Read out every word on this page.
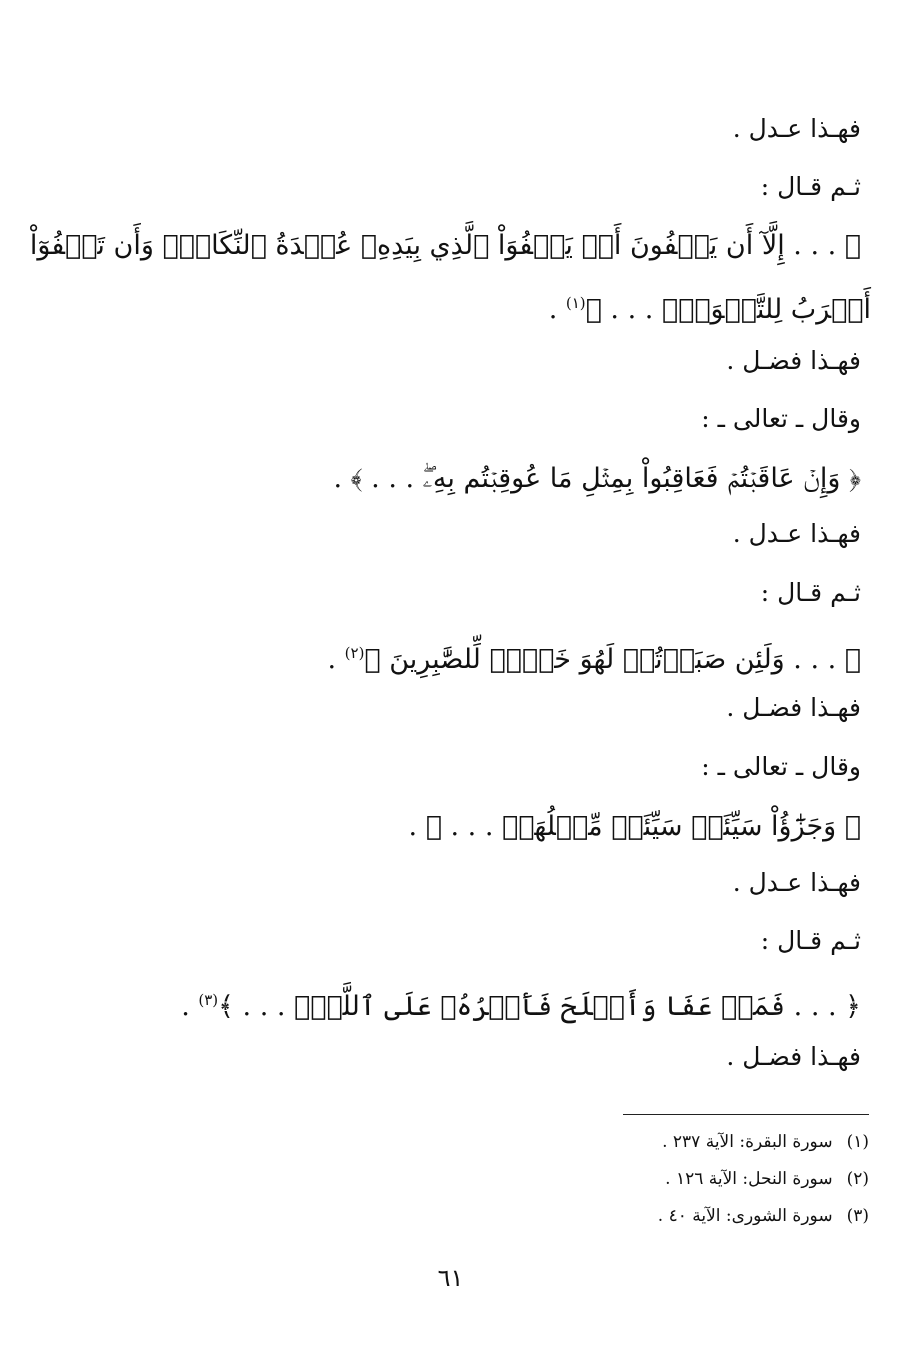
فهـذا عـدل .
ثـم قـال :
﴿ . . . إِلَّآ أَن يَعۡفُونَ أَوۡ يَعۡفُوَاْ ٱلَّذِي بِيَدِهِۦ عُقۡدَةُ ٱلنِّكَاحِۚ وَأَن تَعۡفُوٓاْ
أَقۡرَبُ لِلتَّقۡوَىٰۚ . . . ﴾$^{(١)}$ .
فهـذا فضـل .
وقال ـ تعالى ـ :
﴿ وَإِنۡ عَاقَبۡتُمۡ فَعَاقِبُواْ بِمِثۡلِ مَا عُوقِبۡتُم بِهِۦۖ . . . ﴾ .
فهـذا عـدل .
ثـم قـال :
﴿ . . . وَلَئِن صَبَرۡتُمۡ لَهُوَ خَيۡرٞ لِّلصَّٰبِرِينَ ﴾$^{(٢)}$ .
فهـذا فضـل .
وقال ـ تعالى ـ :
﴿ وَجَزَٰٓؤُاْ سَيِّئَةٖ سَيِّئَةٞ مِّثۡلُهَاۖ . . . ﴾ .
فهـذا عـدل .
ثـم قـال :
﴿ . . . فَمَنۡ عَفَا وَأَصۡلَحَ فَأَجۡرُهُۥ عَلَى ٱللَّهِۚ . . . ﴾$^{(٣)}$ .
فهـذا فضـل .
(١)سورة البقرة: الآية ٢٣٧ .
(٢)سورة النحل: الآية ١٢٦ .
(٣)سورة الشورى: الآية ٤٠ .
٦١
